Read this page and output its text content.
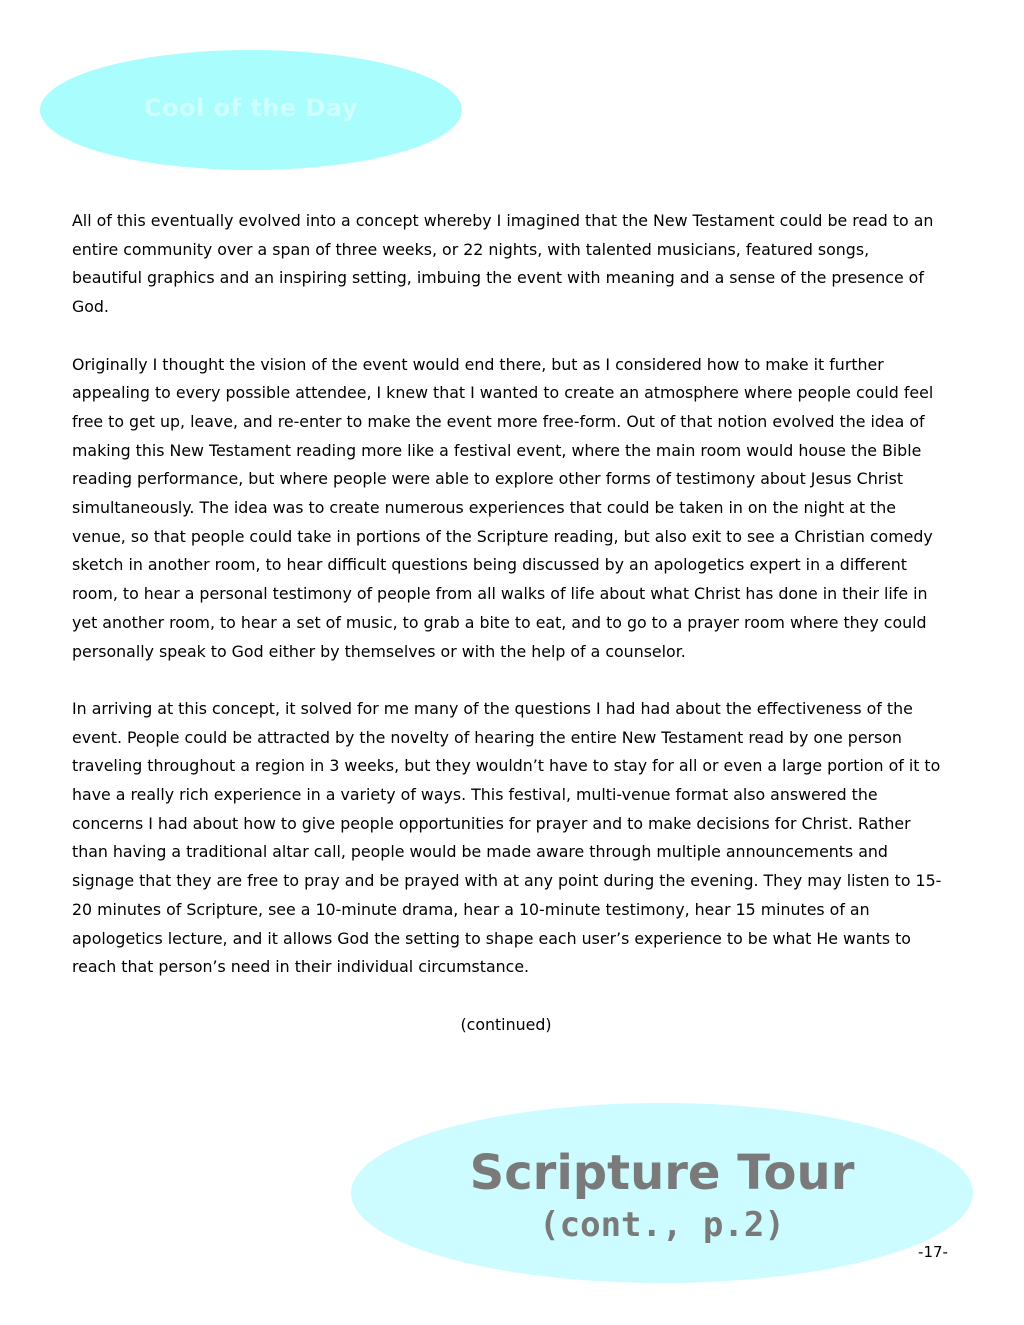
Cool of the Day

All of this eventually evolved into a concept whereby I imagined that the New Testament could be read to an entire community over a span of three weeks, or 22 nights, with talented musicians, featured songs, beautiful graphics and an inspiring setting, imbuing the event with meaning and a sense of the presence of God.

Originally I thought the vision of the event would end there, but as I considered how to make it further appealing to every possible attendee, I knew that I wanted to create an atmosphere where people could feel free to get up, leave, and re-enter to make the event more free-form. Out of that notion evolved the idea of making this New Testament reading more like a festival event, where the main room would house the Bible reading performance, but where people were able to explore other forms of testimony about Jesus Christ simultaneously. The idea was to create numerous experiences that could be taken in on the night at the venue, so that people could take in portions of the Scripture reading, but also exit to see a Christian comedy sketch in another room, to hear difficult questions being discussed by an apologetics expert in a different room, to hear a personal testimony of people from all walks of life about what Christ has done in their life in yet another room, to hear a set of music, to grab a bite to eat, and to go to a prayer room where they could personally speak to God either by themselves or with the help of a counselor.

In arriving at this concept, it solved for me many of the questions I had had about the effectiveness of the event. People could be attracted by the novelty of hearing the entire New Testament read by one person traveling throughout a region in 3 weeks, but they wouldn’t have to stay for all or even a large portion of it to have a really rich experience in a variety of ways. This festival, multi-venue format also answered the concerns I had about how to give people opportunities for prayer and to make decisions for Christ. Rather than having a traditional altar call, people would be made aware through multiple announcements and signage that they are free to pray and be prayed with at any point during the evening. They may listen to 15-20 minutes of Scripture, see a 10-minute drama, hear a 10-minute testimony, hear 15 minutes of an apologetics lecture, and it allows God the setting to shape each user’s experience to be what He wants to reach that person’s need in their individual circumstance.

(continued)
Scripture Tour
(cont., p.2)
-17-
